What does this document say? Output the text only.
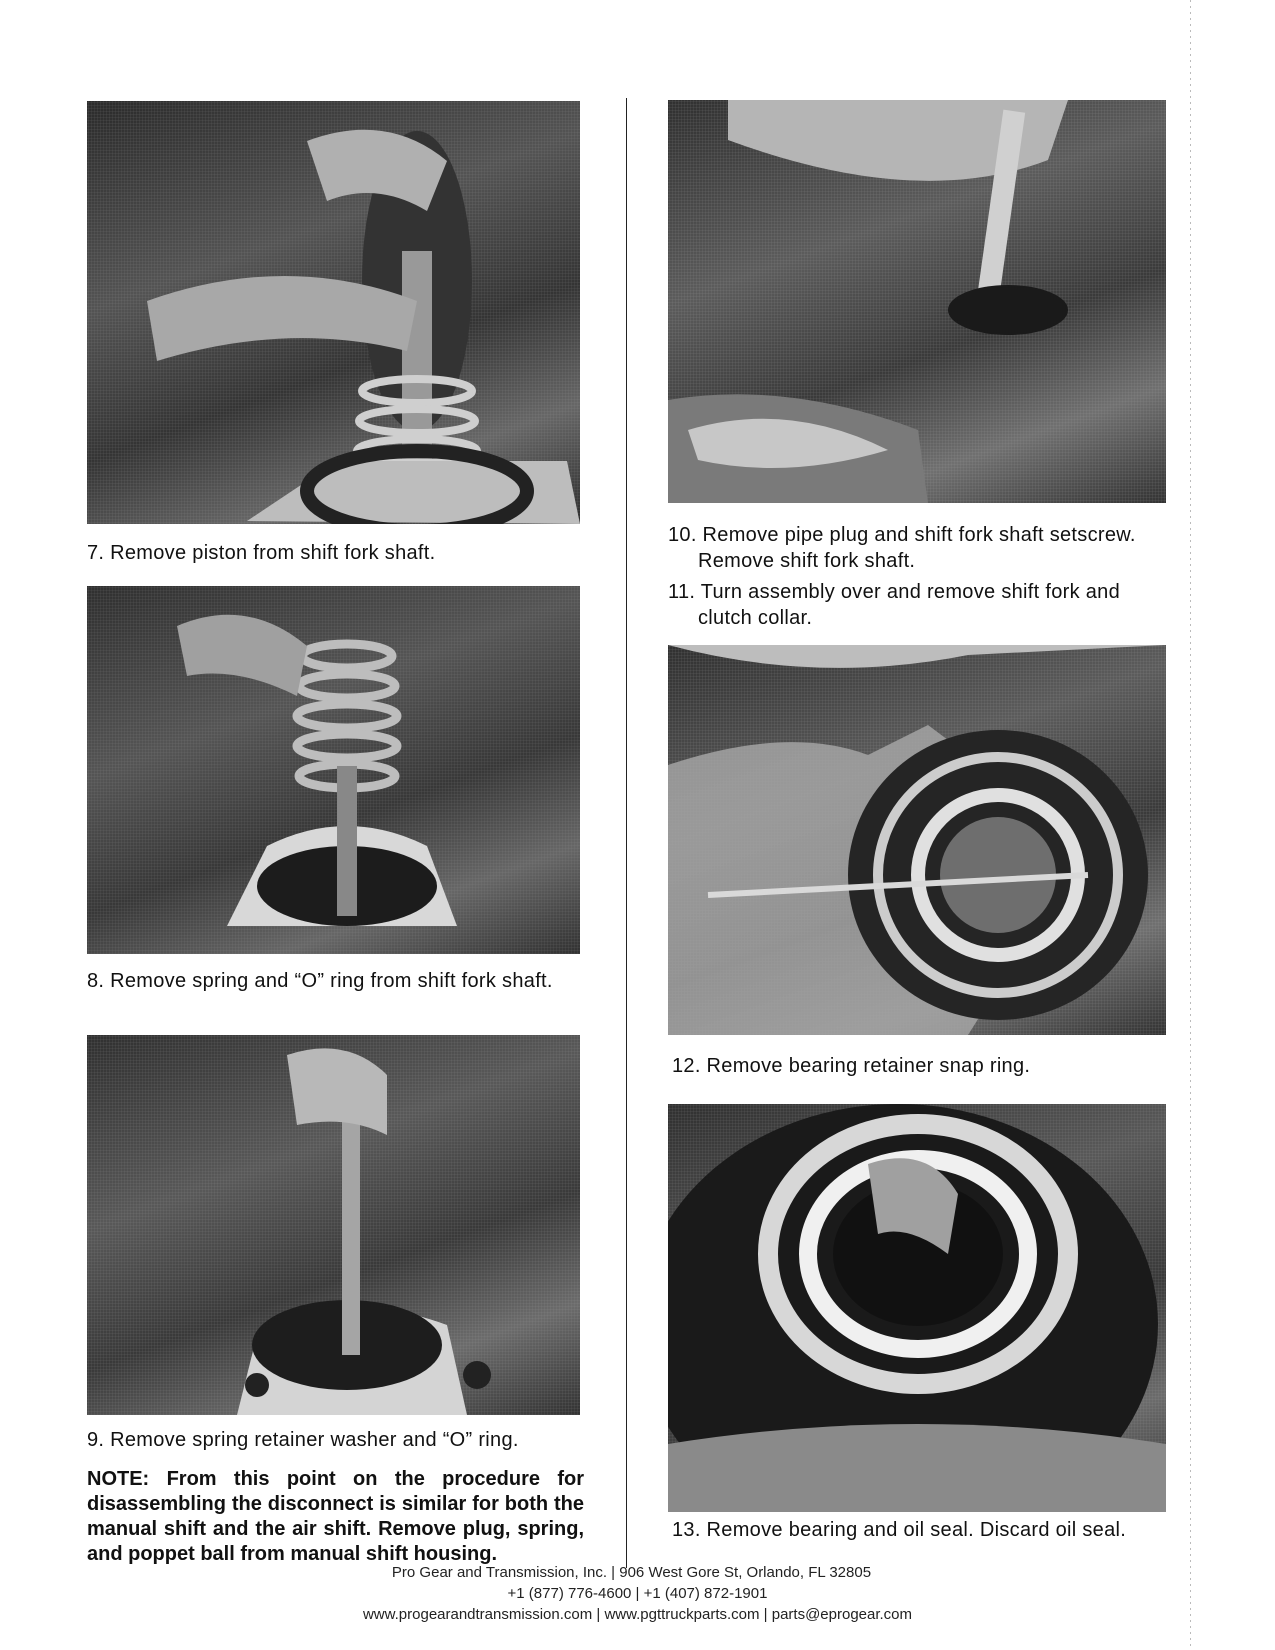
7. Remove piston from shift fork shaft.
8. Remove spring and “O” ring from shift fork shaft.
9. Remove spring retainer washer and “O” ring.
NOTE: From this point on the procedure for disassembling the disconnect is similar for both the manual shift and the air shift. Remove plug, spring, and poppet ball from manual shift housing.
10. Remove pipe plug and shift fork shaft setscrew. Remove shift fork shaft.
11. Turn assembly over and remove shift fork and clutch collar.
12. Remove bearing retainer snap ring.
13. Remove bearing and oil seal. Discard oil seal.
Pro Gear and Transmission, Inc. | 906 West Gore St, Orlando, FL 32805
+1 (877) 776-4600 | +1 (407) 872-1901
www.progearandtransmission.com | www.pgttruckparts.com | parts@eprogear.com
